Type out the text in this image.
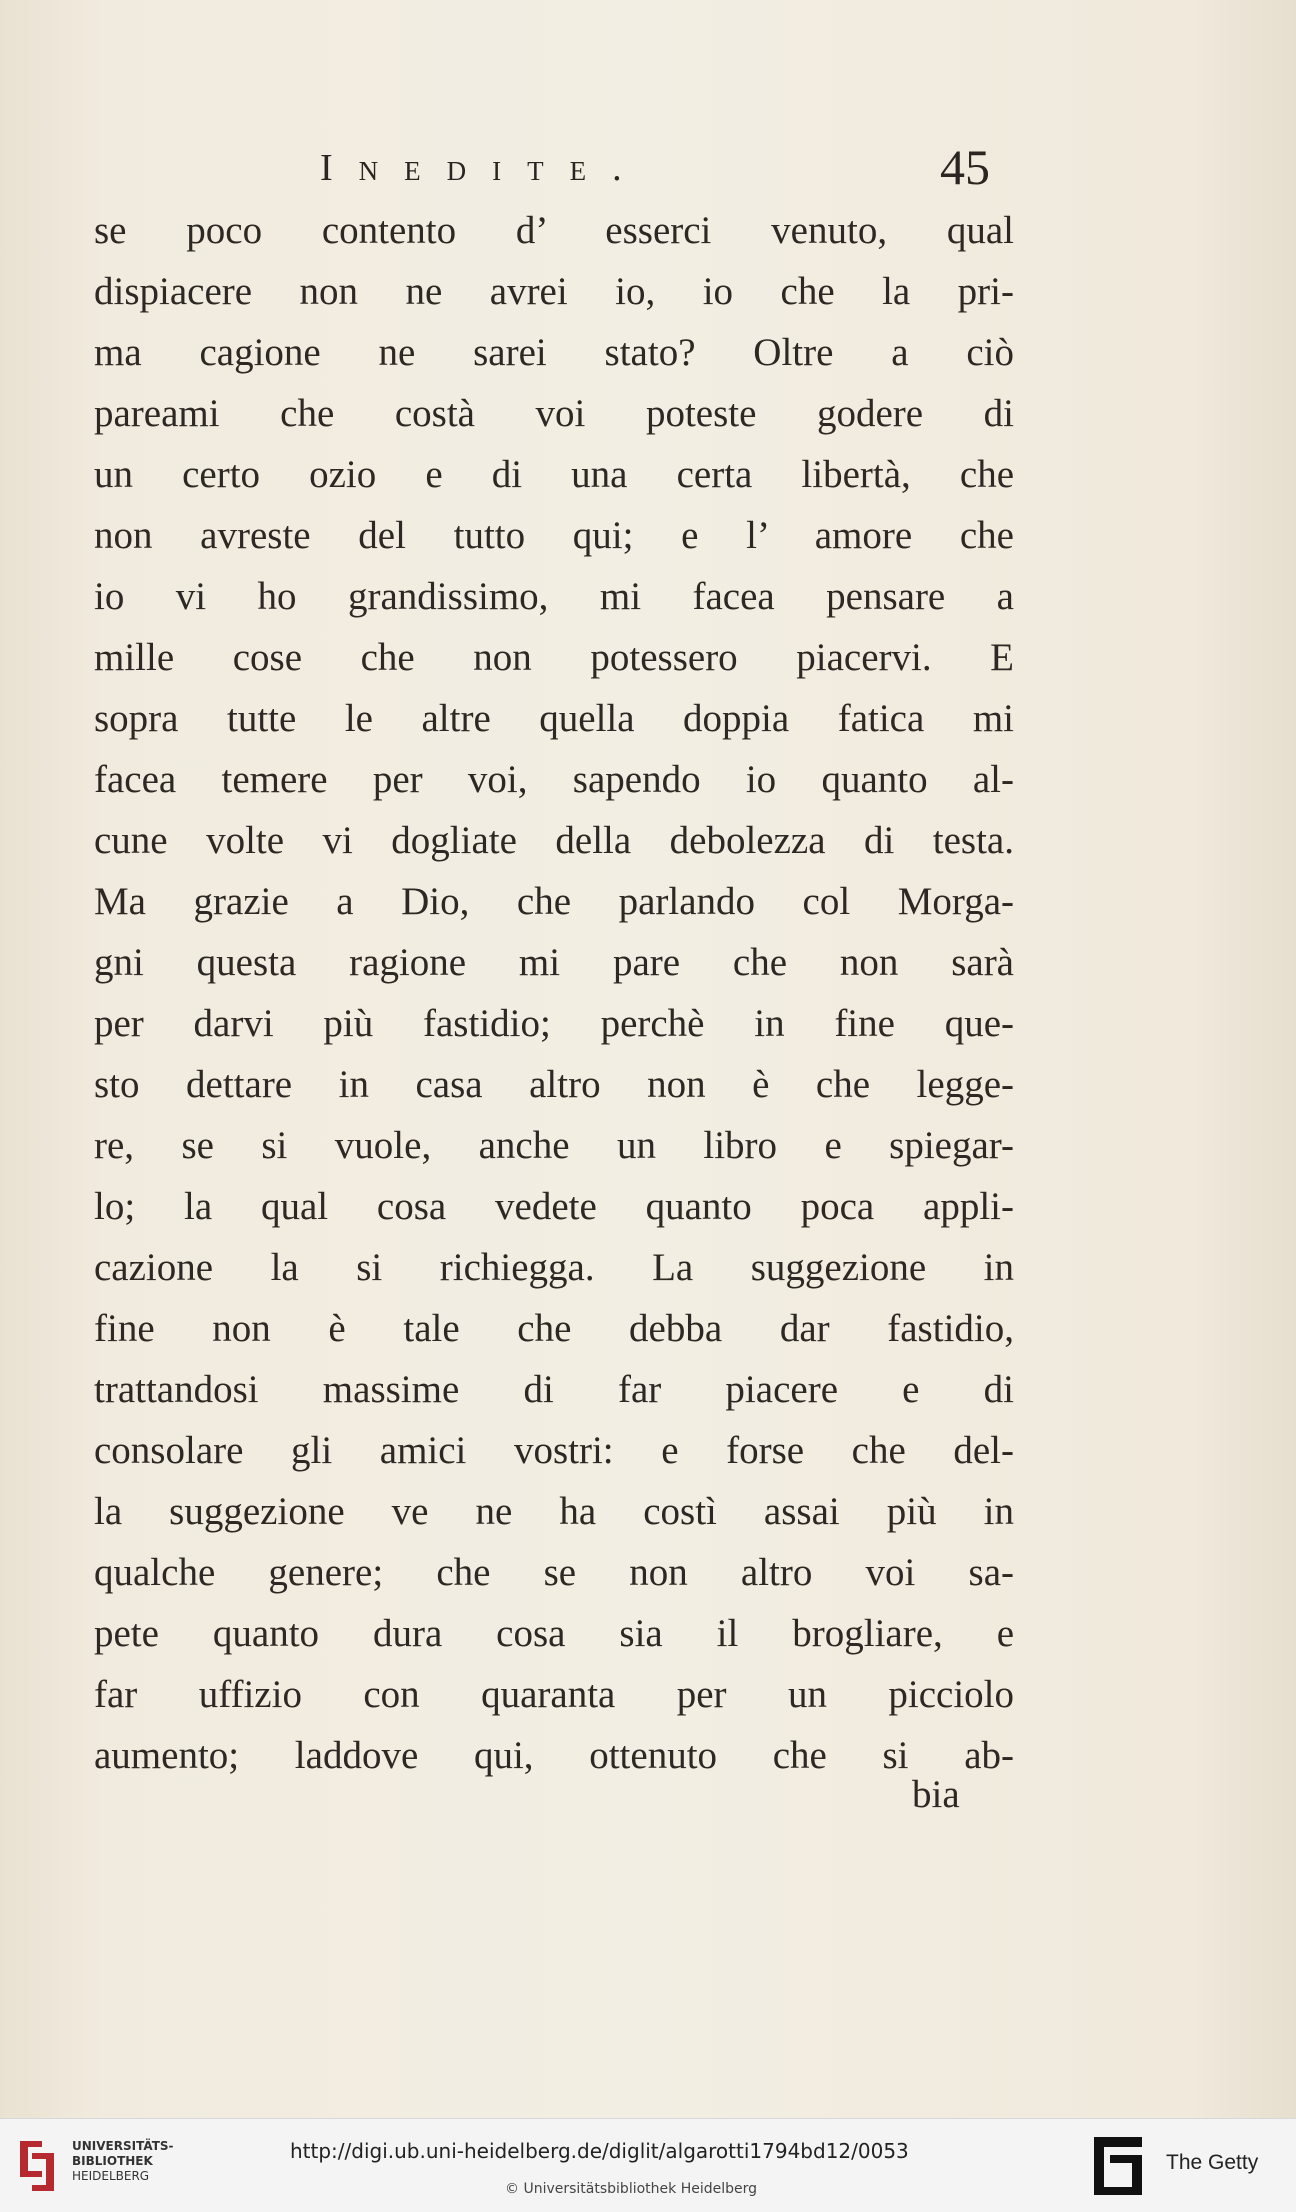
Inedite.	45
se poco contento d’ esserci venuto, qual
dispiacere non ne avrei io, io che la pri-
ma cagione ne sarei stato? Oltre a ciò
pareami che costà voi poteste godere di
un certo ozio e di una certa libertà, che
non avreste del tutto qui; e l’ amore che
io vi ho grandissimo, mi facea pensare a
mille cose che non potessero piacervi. E
sopra tutte le altre quella doppia fatica mi
facea temere per voi, sapendo io quanto al-
cune volte vi dogliate della debolezza di testa.
Ma grazie a Dio, che parlando col Morga-
gni questa ragione mi pare che non sarà
per darvi più fastidio; perchè in fine que-
sto dettare in casa altro non è che legge-
re, se si vuole, anche un libro e spiegar-
lo; la qual cosa vedete quanto poca appli-
cazione la si richiegga. La suggezione in
fine non è tale che debba dar fastidio,
trattandosi massime di far piacere e di
consolare gli amici vostri: e forse che del-
la suggezione ve ne ha costì assai più in
qualche genere; che se non altro voi sa-
pete quanto dura cosa sia il brogliare, e
far uffizio con quaranta per un picciolo
aumento; laddove qui, ottenuto che si ab-
bia
UNIVERSITÄTS-
BIBLIOTHEK
HEIDELBERG
http://digi.ub.uni-heidelberg.de/diglit/algarotti1794bd12/0053
© Universitätsbibliothek Heidelberg
The Getty
